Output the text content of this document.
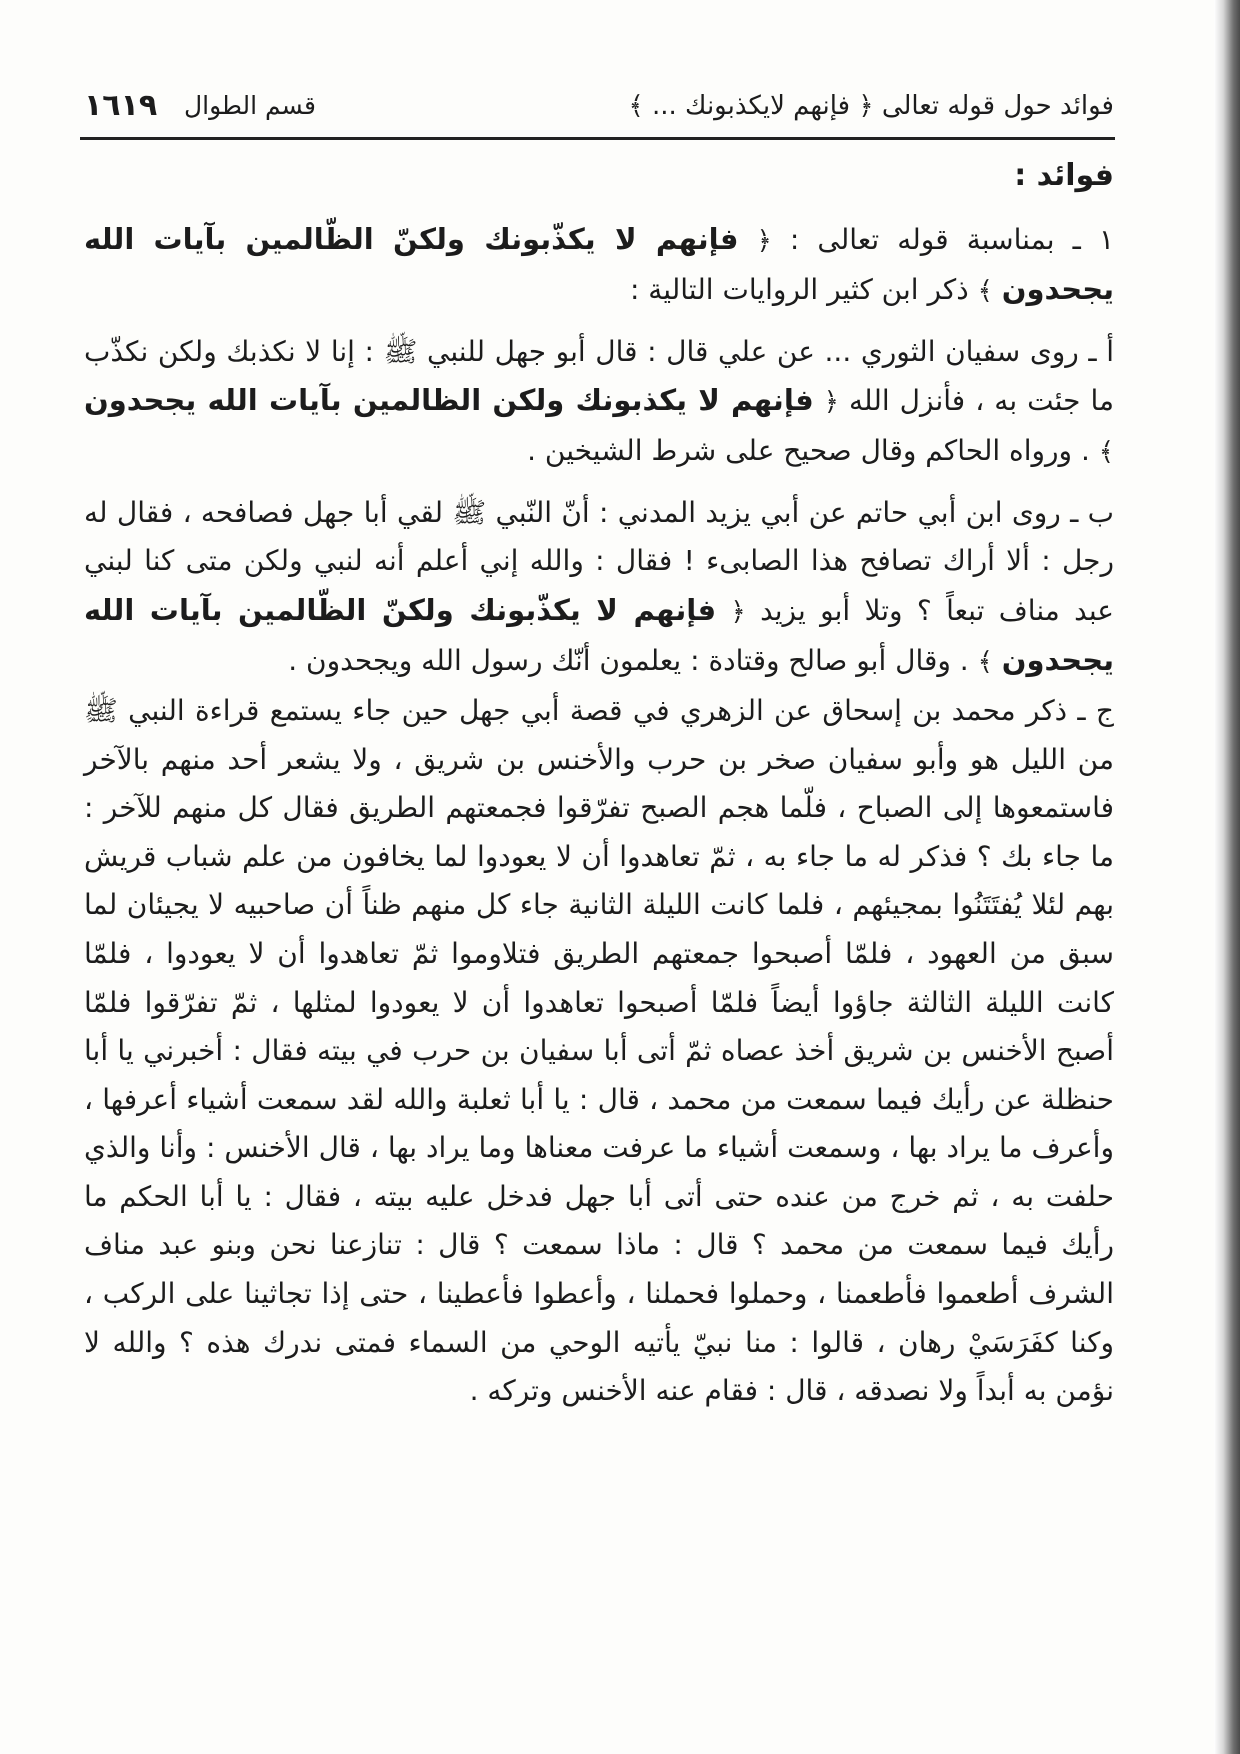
فوائد حول قوله تعالى ﴿ فإنهم لايكذبونك ... ﴾
قسم الطوال
١٦١٩

فوائد :

١ ـ بمناسبة قوله تعالى : ﴿ فإنهم لا يكذّبونك ولكنّ الظّالمين بآيات الله يجحدون ﴾ ذكر ابن كثير الروايات التالية :

أ ـ روى سفيان الثوري ... عن علي قال : قال أبو جهل للنبي ﷺ : إنا لا نكذبك ولكن نكذّب ما جئت به ، فأنزل الله ﴿ فإنهم لا يكذبونك ولكن الظالمين بآيات الله يجحدون ﴾ . ورواه الحاكم وقال صحيح على شرط الشيخين .

ب ـ روى ابن أبي حاتم عن أبي يزيد المدني : أنّ النّبي ﷺ لقي أبا جهل فصافحه ، فقال له رجل : ألا أراك تصافح هذا الصابىء ! فقال : والله إني أعلم أنه لنبي ولكن متى كنا لبني عبد مناف تبعاً ؟ وتلا أبو يزيد ﴿ فإنهم لا يكذّبونك ولكنّ الظّالمين بآيات الله يجحدون ﴾ . وقال أبو صالح وقتادة : يعلمون أنّك رسول الله ويجحدون .

ج ـ ذكر محمد بن إسحاق عن الزهري في قصة أبي جهل حين جاء يستمع قراءة النبي ﷺ من الليل هو وأبو سفيان صخر بن حرب والأخنس بن شريق ، ولا يشعر أحد منهم بالآخر فاستمعوها إلى الصباح ، فلّما هجم الصبح تفرّقوا فجمعتهم الطريق فقال كل منهم للآخر : ما جاء بك ؟ فذكر له ما جاء به ، ثمّ تعاهدوا أن لا يعودوا لما يخافون من علم شباب قريش بهم لئلا يُفتَتَنُوا بمجيئهم ، فلما كانت الليلة الثانية جاء كل منهم ظناً أن صاحبيه لا يجيئان لما سبق من العهود ، فلمّا أصبحوا جمعتهم الطريق فتلاوموا ثمّ تعاهدوا أن لا يعودوا ، فلمّا كانت الليلة الثالثة جاؤوا أيضاً فلمّا أصبحوا تعاهدوا أن لا يعودوا لمثلها ، ثمّ تفرّقوا فلمّا أصبح الأخنس بن شريق أخذ عصاه ثمّ أتى أبا سفيان بن حرب في بيته فقال : أخبرني يا أبا حنظلة عن رأيك فيما سمعت من محمد ، قال : يا أبا ثعلبة والله لقد سمعت أشياء أعرفها ، وأعرف ما يراد بها ، وسمعت أشياء ما عرفت معناها وما يراد بها ، قال الأخنس : وأنا والذي حلفت به ، ثم خرج من عنده حتى أتى أبا جهل فدخل عليه بيته ، فقال : يا أبا الحكم ما رأيك فيما سمعت من محمد ؟ قال : ماذا سمعت ؟ قال : تنازعنا نحن وبنو عبد مناف الشرف أطعموا فأطعمنا ، وحملوا فحملنا ، وأعطوا فأعطينا ، حتى إذا تجاثينا على الركب ، وكنا كفَرَسَيْ رهان ، قالوا : منا نبيّ يأتيه الوحي من السماء فمتى ندرك هذه ؟ والله لا نؤمن به أبداً ولا نصدقه ، قال : فقام عنه الأخنس وتركه .
